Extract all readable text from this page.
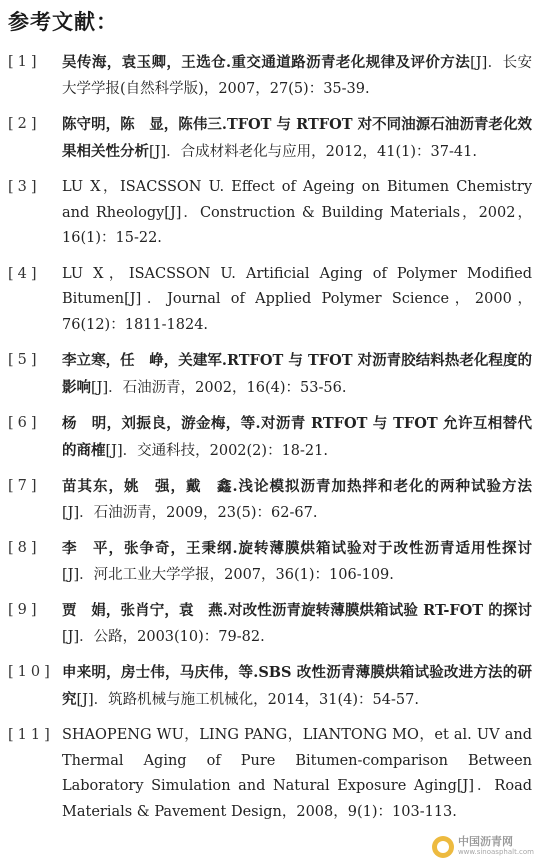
参考文献：
[1]	吴传海，袁玉卿，王选仓.重交通道路沥青老化规律及评价方法[J]．长安大学学报(自然科学版)，2007，27(5)：35-39.
[2]	陈守明，陈　显，陈伟三.TFOT 与 RTFOT 对不同油源石油沥青老化效果相关性分析[J]．合成材料老化与应用，2012，41(1)：37-41.
[3]	LU X，ISACSSON U. Effect of Ageing on Bitumen Chemistry and Rheology[J]．Construction & Building Materials，2002，16(1)：15-22.
[4]	LU X，ISACSSON U. Artificial Aging of Polymer Modified Bitumen[J]．Journal of Applied Polymer Science，2000，76(12)：1811-1824.
[5]	李立寒，任　峥，关建军.RTFOT 与 TFOT 对沥青胶结料热老化程度的影响[J]．石油沥青，2002，16(4)：53-56.
[6]	杨　明，刘振良，游金梅，等.对沥青 RTFOT 与 TFOT 允许互相替代的商榷[J]．交通科技，2002(2)：18-21.
[7]	苗其东，姚　强，戴　鑫.浅论模拟沥青加热拌和老化的两种试验方法[J]．石油沥青，2009，23(5)：62-67.
[8]	李　平，张争奇，王秉纲.旋转薄膜烘箱试验对于改性沥青适用性探讨[J]．河北工业大学学报，2007，36(1)：106-109.
[9]	贾　娟，张肖宁，袁　燕.对改性沥青旋转薄膜烘箱试验 RT-FOT 的探讨[J]．公路，2003(10)：79-82.
[10] 申来明，房士伟，马庆伟，等.SBS 改性沥青薄膜烘箱试验改进方法的研究[J]．筑路机械与施工机械化，2014，31(4)：54-57.
[11] SHAOPENG WU，LING PANG，LIANTONG MO，et al. UV and Thermal Aging of Pure Bitumen-comparison Between Laboratory Simulation and Natural Exposure Aging[J]．Road Materials & Pavement Design，2008，9(1)：103-113.
中国沥青网
www.sinoasphalt.com
